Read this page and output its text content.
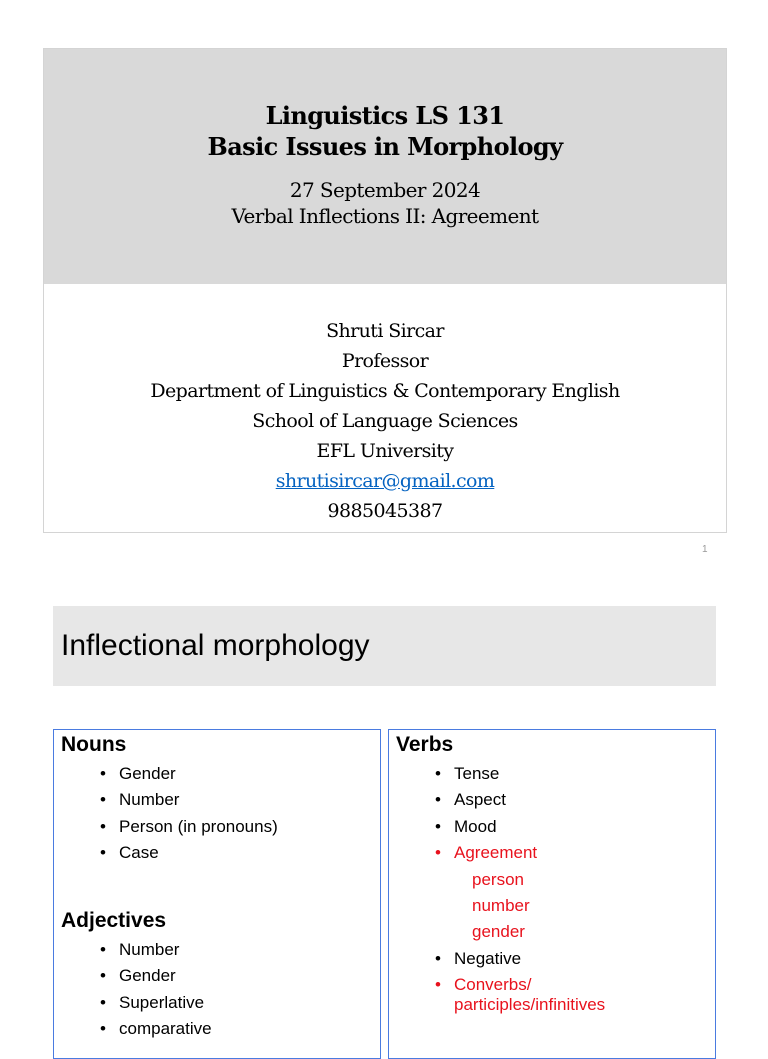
Linguistics LS 131
Basic Issues in Morphology
27 September 2024
Verbal Inflections II: Agreement
Shruti Sircar
Professor
Department of Linguistics & Contemporary English
School of Language Sciences
EFL University
shrutisircar@gmail.com
9885045387
1
Inflectional morphology
Nouns
• Gender
• Number
• Person (in pronouns)
• Case
Adjectives
• Number
• Gender
• Superlative
• comparative
Verbs
• Tense
• Aspect
• Mood
• Agreement
person
number
gender
• Negative
• Converbs/
participles/infinitives
